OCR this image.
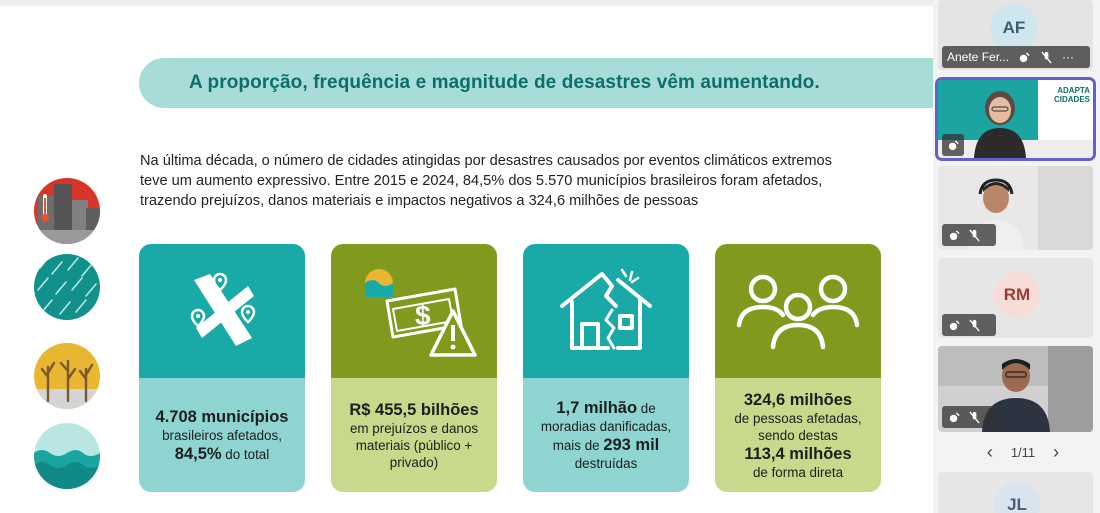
A proporção, frequência e magnitude de desastres vêm aumentando.

Na última década, o número de cidades atingidas por desastres causados por eventos climáticos extremos

teve um aumento expressivo. Entre 2015 e 2024, 84,5% dos 5.570 municípios brasileiros foram afetados,

trazendo prejuízos, danos materiais e impactos negativos a 324,6 milhões de pessoas

4.708 municípios
brasileiros afetados,
84,5% do total
$
R$ 455,5 bilhões
em prejuízos e danos
materiais (público +
privado)
1,7 milhão de
moradias danificadas,
mais de 293 mil
destruídas
324,6 milhões
de pessoas afetadas,
sendo destas
113,4 milhões
de forma direta
AF
Anete Fer...	···
ADAPTA
CIDADES
RM
JL
‹ 1/11 ›
